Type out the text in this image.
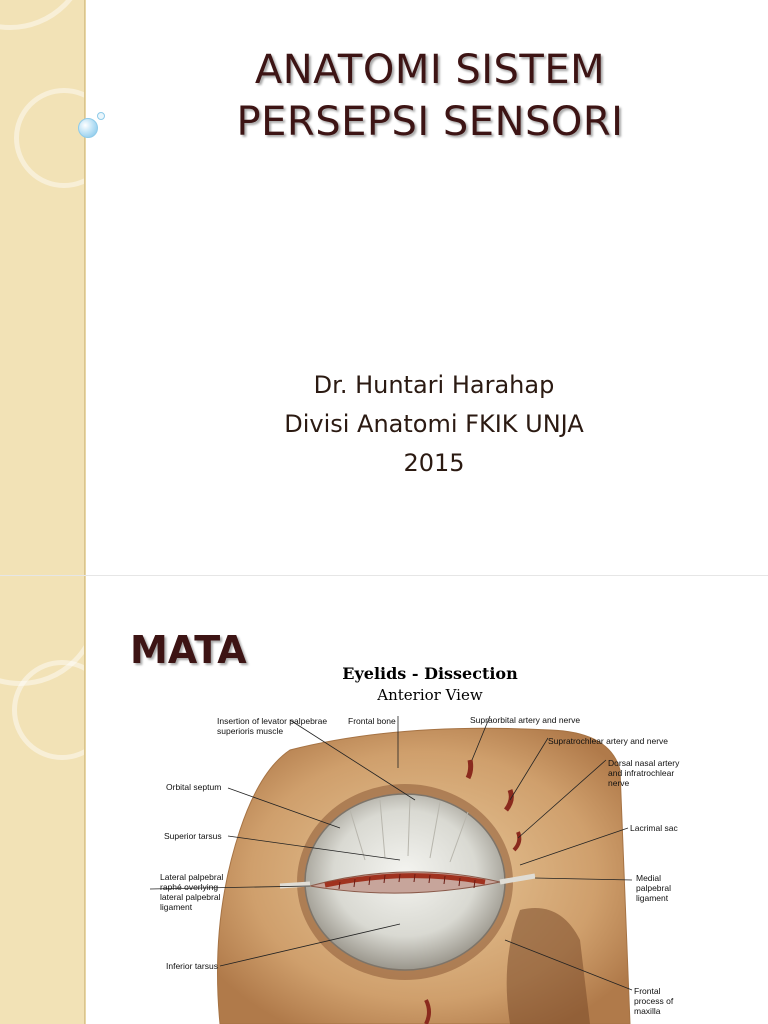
ANATOMI SISTEM
PERSEPSI SENSORI
Dr. Huntari Harahap
Divisi Anatomi FKIK UNJA
2015
MATA
Eyelids - Dissection
Anterior View
Insertion of levator palpebrae
superioris muscle
Frontal bone	Supraorbital artery and nerve
Supratrochlear artery and nerve
Dorsal nasal artery
and infratrochlear
nerve
Orbital septum
Lacrimal sac
Superior tarsus
Lateral palpebral
raphé overlying
lateral palpebral
ligament
Medial
palpebral
ligament
Inferior tarsus
Frontal
process of
maxilla
